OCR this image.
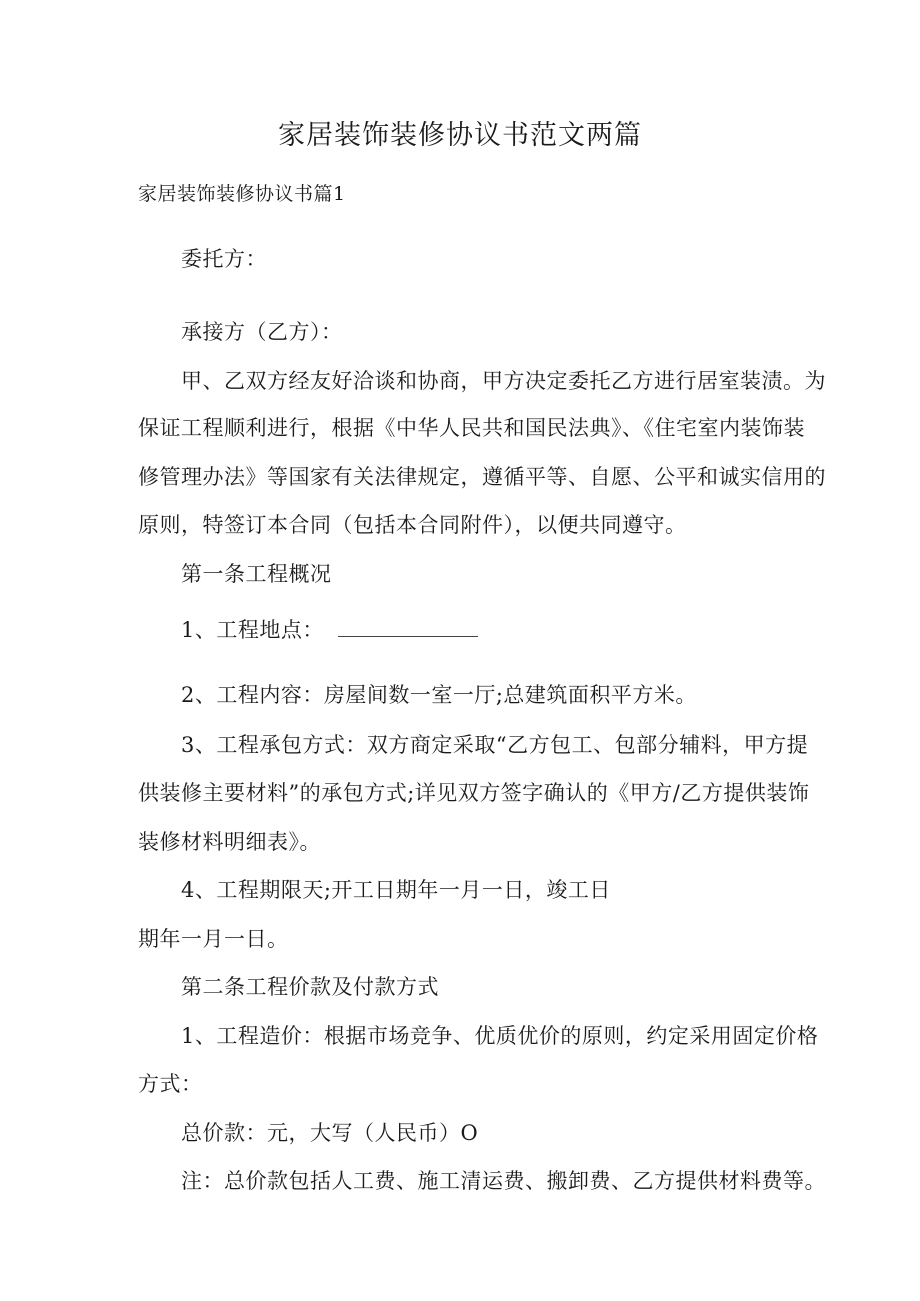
家居装饰装修协议书范文两篇
家居装饰装修协议书篇1
委托方：
承接方（乙方）：
甲、乙双方经友好洽谈和协商，甲方决定委托乙方进行居室装渍。为
保证工程顺利进行，根据《中华人民共和国民法典》、《住宅室内装饰装
修管理办法》等国家有关法律规定，遵循平等、自愿、公平和诚实信用的
原则，特签订本合同（包括本合同附件），以便共同遵守。
第一条工程概况
1、工程地点：
2、工程内容：房屋间数一室一厅;总建筑面积平方米。
3、工程承包方式：双方商定采取“乙方包工、包部分辅料，甲方提
供装修主要材料”的承包方式;详见双方签字确认的《甲方/乙方提供装饰
装修材料明细表》。
4、工程期限天;开工日期年一月一日，竣工日
期年一月一日。
第二条工程价款及付款方式
1、工程造价：根据市场竞争、优质优价的原则，约定采用固定价格
方式：
总价款：元，大写（人民币）O
注：总价款包括人工费、施工清运费、搬卸费、乙方提供材料费等。
